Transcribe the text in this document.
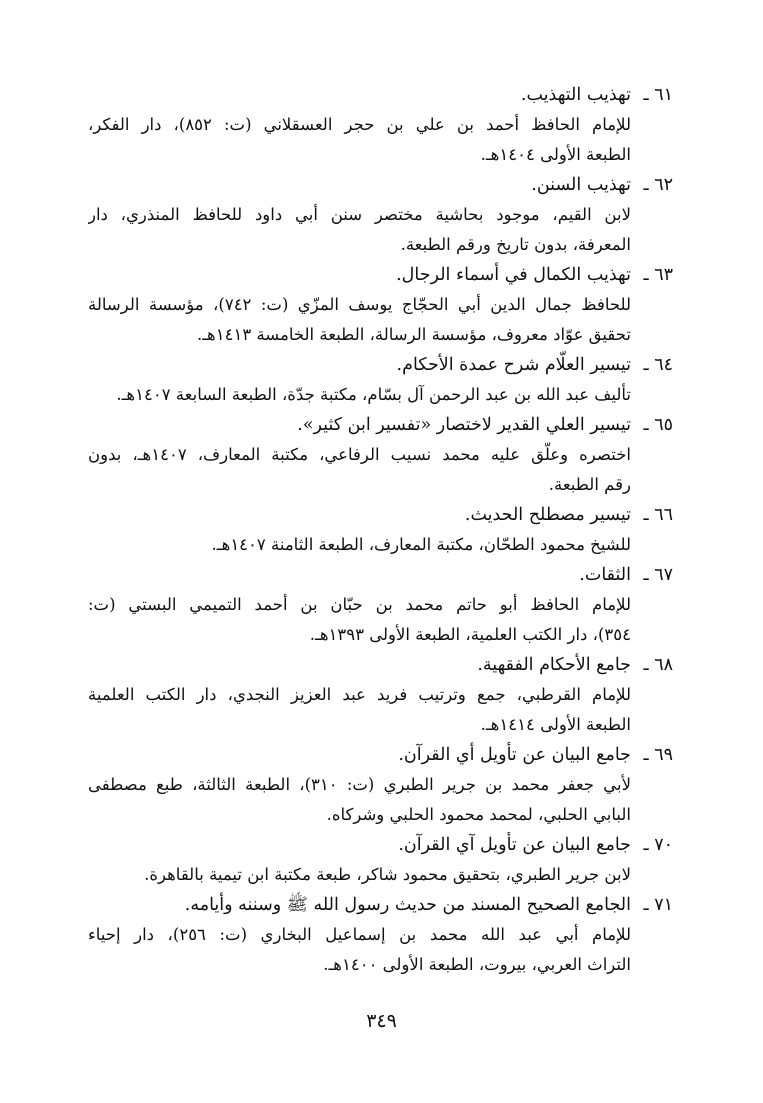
٦١ ـ
تهذيب التهذيب.
للإمام الحافظ أحمد بن علي بن حجر العسقلاني (ت: ٨٥٢)، دار الفكر،
الطبعة الأولى ١٤٠٤هـ.
٦٢ ـ
تهذيب السنن.
لابن القيم، موجود بحاشية مختصر سنن أبي داود للحافظ المنذري، دار
المعرفة، بدون تاريخ ورقم الطبعة.
٦٣ ـ
تهذيب الكمال في أسماء الرجال.
للحافظ جمال الدين أبي الحجّاج يوسف المزّي (ت: ٧٤٢)، مؤسسة الرسالة
تحقيق عوّاد معروف، مؤسسة الرسالة، الطبعة الخامسة ١٤١٣هـ.
٦٤ ـ
تيسير العلّام شرح عمدة الأحكام.
تأليف عبد الله بن عبد الرحمن آل بسّام، مكتبة جدّة، الطبعة السابعة ١٤٠٧هـ.
٦٥ ـ
تيسير العلي القدير لاختصار «تفسير ابن كثير».
اختصره وعلّق عليه محمد نسيب الرفاعي، مكتبة المعارف، ١٤٠٧هـ، بدون
رقم الطبعة.
٦٦ ـ
تيسير مصطلح الحديث.
للشيخ محمود الطحّان، مكتبة المعارف، الطبعة الثامنة ١٤٠٧هـ.
٦٧ ـ
الثقات.
للإمام الحافظ أبو حاتم محمد بن حبّان بن أحمد التميمي البستي (ت:
٣٥٤)، دار الكتب العلمية، الطبعة الأولى ١٣٩٣هـ.
٦٨ ـ
جامع الأحكام الفقهية.
للإمام القرطبي، جمع وترتيب فريد عبد العزيز النجدي، دار الكتب العلمية
الطبعة الأولى ١٤١٤هـ.
٦٩ ـ
جامع البيان عن تأويل أي القرآن.
لأبي جعفر محمد بن جرير الطبري (ت: ٣١٠)، الطبعة الثالثة، طبع مصطفى
البابي الحلبي، لمحمد محمود الحلبي وشركاه.
٧٠ ـ
جامع البيان عن تأويل آي القرآن.
لابن جرير الطبري، بتحقيق محمود شاكر، طبعة مكتبة ابن تيمية بالقاهرة.
٧١ ـ
الجامع الصحيح المسند من حديث رسول الله ﷺ وسننه وأيامه.
للإمام أبي عبد الله محمد بن إسماعيل البخاري (ت: ٢٥٦)، دار إحياء
التراث العربي، بيروت، الطبعة الأولى ١٤٠٠هـ.
٣٤٩
